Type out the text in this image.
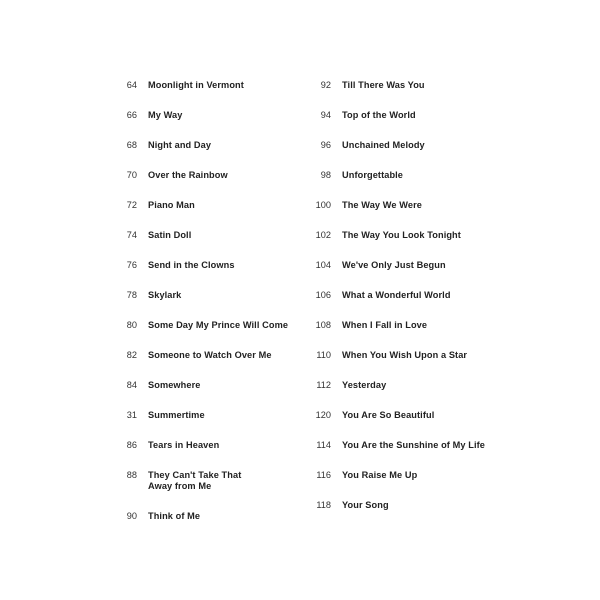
64 Moonlight in Vermont
66 My Way
68 Night and Day
70 Over the Rainbow
72 Piano Man
74 Satin Doll
76 Send in the Clowns
78 Skylark
80 Some Day My Prince Will Come
82 Someone to Watch Over Me
84 Somewhere
31 Summertime
86 Tears in Heaven
88 They Can't Take That
Away from Me
90 Think of Me
92 Till There Was You
94 Top of the World
96 Unchained Melody
98 Unforgettable
100 The Way We Were
102 The Way You Look Tonight
104 We've Only Just Begun
106 What a Wonderful World
108 When I Fall in Love
110 When You Wish Upon a Star
112 Yesterday
120 You Are So Beautiful
114 You Are the Sunshine of My Life
116 You Raise Me Up
118 Your Song
